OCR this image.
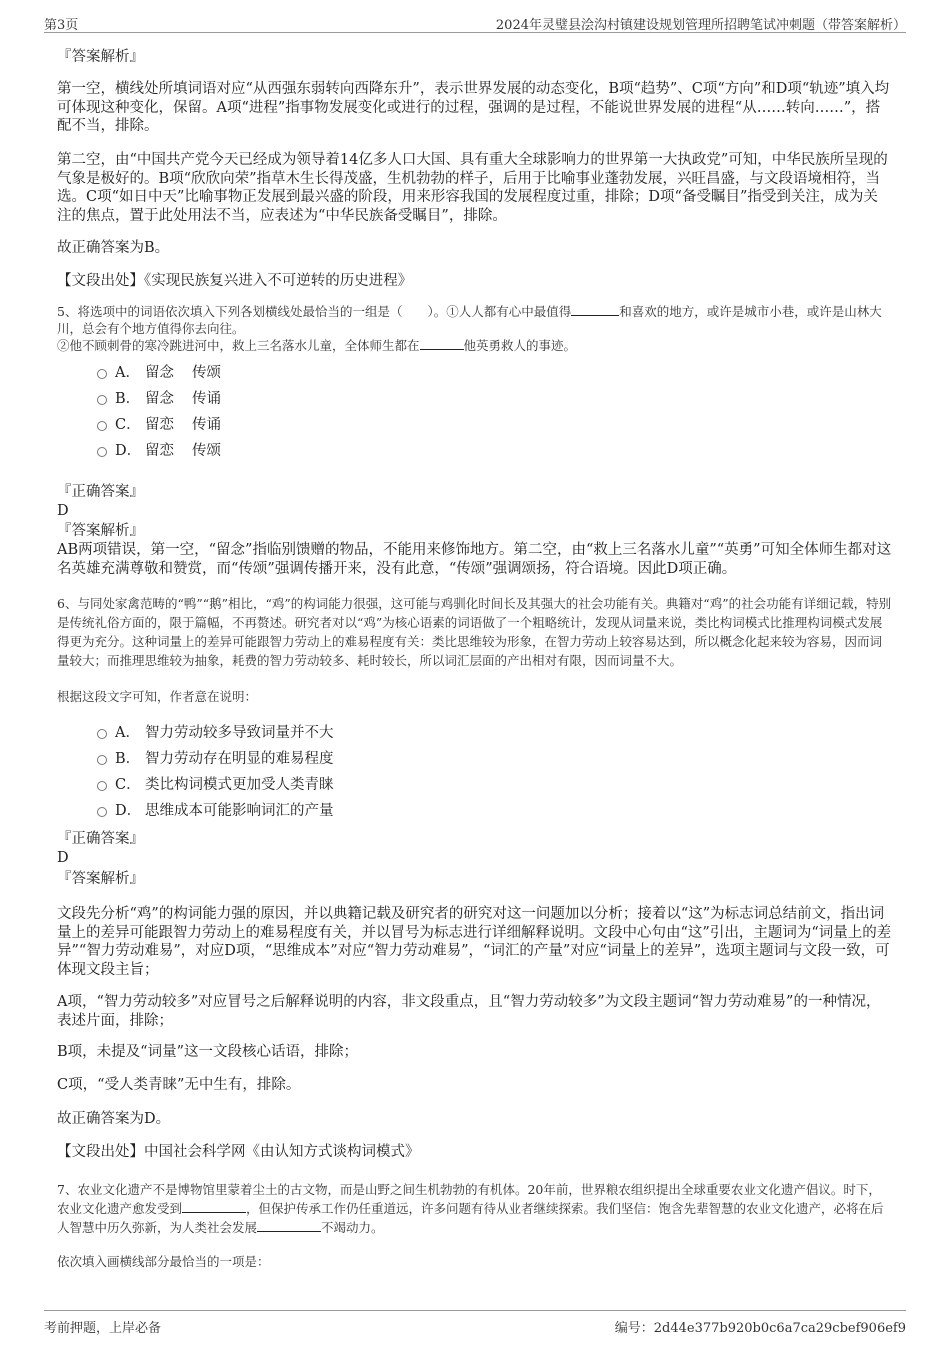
第3页	2024年灵璧县浍沟村镇建设规划管理所招聘笔试冲刺题（带答案解析）
『答案解析』
第一空，横线处所填词语对应“从西强东弱转向西降东升”，表示世界发展的动态变化，B项“趋势”、C项“方向”和D项“轨迹”填入均可体现这种变化，保留。A项“进程”指事物发展变化或进行的过程，强调的是过程，不能说世界发展的进程“从……转向……”，搭配不当，排除。
第二空，由“中国共产党今天已经成为领导着14亿多人口大国、具有重大全球影响力的世界第一大执政党”可知，中华民族所呈现的气象是极好的。B项“欣欣向荣”指草木生长得茂盛，生机勃勃的样子，后用于比喻事业蓬勃发展，兴旺昌盛，与文段语境相符，当选。C项“如日中天”比喻事物正发展到最兴盛的阶段，用来形容我国的发展程度过重，排除；D项“备受瞩目”指受到关注，成为关注的焦点，置于此处用法不当，应表述为“中华民族备受瞩目”，排除。
故正确答案为B。
【文段出处】《实现民族复兴进入不可逆转的历史进程》
5、将选项中的词语依次填入下列各划横线处最恰当的一组是（　　）。①人人都有心中最值得	和喜欢的地方，或许是城市小巷，或许是山林大川，总会有个地方值得你去向往。
②他不顾刺骨的寒冷跳进河中，救上三名落水儿童，全体师生都在	他英勇救人的事迹。
A． 留念 传颂
B． 留念 传诵
C． 留恋 传诵
D． 留恋 传颂
『正确答案』
D
『答案解析』
AB两项错误，第一空，“留念”指临别馈赠的物品，不能用来修饰地方。第二空，由“救上三名落水儿童”“英勇”可知全体师生都对这名英雄充满尊敬和赞赏，而“传颂”强调传播开来，没有此意，“传颂”强调颂扬，符合语境。因此D项正确。
6、与同处家禽范畴的“鸭”“鹅”相比，“鸡”的构词能力很强，这可能与鸡驯化时间长及其强大的社会功能有关。典籍对“鸡”的社会功能有详细记载，特别是传统礼俗方面的，限于篇幅，不再赘述。研究者对以“鸡”为核心语素的词语做了一个粗略统计，发现从词量来说，类比构词模式比推理构词模式发展得更为充分。这种词量上的差异可能跟智力劳动上的难易程度有关：类比思维较为形象，在智力劳动上较容易达到，所以概念化起来较为容易，因而词量较大；而推理思维较为抽象，耗费的智力劳动较多、耗时较长，所以词汇层面的产出相对有限，因而词量不大。
根据这段文字可知，作者意在说明：
A． 智力劳动较多导致词量并不大
B． 智力劳动存在明显的难易程度
C． 类比构词模式更加受人类青睐
D． 思维成本可能影响词汇的产量
『正确答案』
D
『答案解析』
文段先分析“鸡”的构词能力强的原因，并以典籍记载及研究者的研究对这一问题加以分析；接着以“这”为标志词总结前文，指出词量上的差异可能跟智力劳动上的难易程度有关，并以冒号为标志进行详细解释说明。文段中心句由“这”引出，主题词为“词量上的差异”“智力劳动难易”，对应D项，“思维成本”对应“智力劳动难易”，“词汇的产量”对应“词量上的差异”，选项主题词与文段一致，可体现文段主旨；
A项，“智力劳动较多”对应冒号之后解释说明的内容，非文段重点，且“智力劳动较多”为文段主题词“智力劳动难易”的一种情况，表述片面，排除；
B项，未提及“词量”这一文段核心话语，排除；
C项，“受人类青睐”无中生有，排除。
故正确答案为D。
【文段出处】中国社会科学网《由认知方式谈构词模式》
7、农业文化遗产不是博物馆里蒙着尘土的古文物，而是山野之间生机勃勃的有机体。20年前，世界粮农组织提出全球重要农业文化遗产倡议。时下，农业文化遗产愈发受到	，但保护传承工作仍任重道远，许多问题有待从业者继续探索。我们坚信：饱含先辈智慧的农业文化遗产，必将在后人智慧中历久弥新，为人类社会发展	不竭动力。
依次填入画横线部分最恰当的一项是：
考前押题，上岸必备	编号：2d44e377b920b0c6a7ca29cbef906ef9
